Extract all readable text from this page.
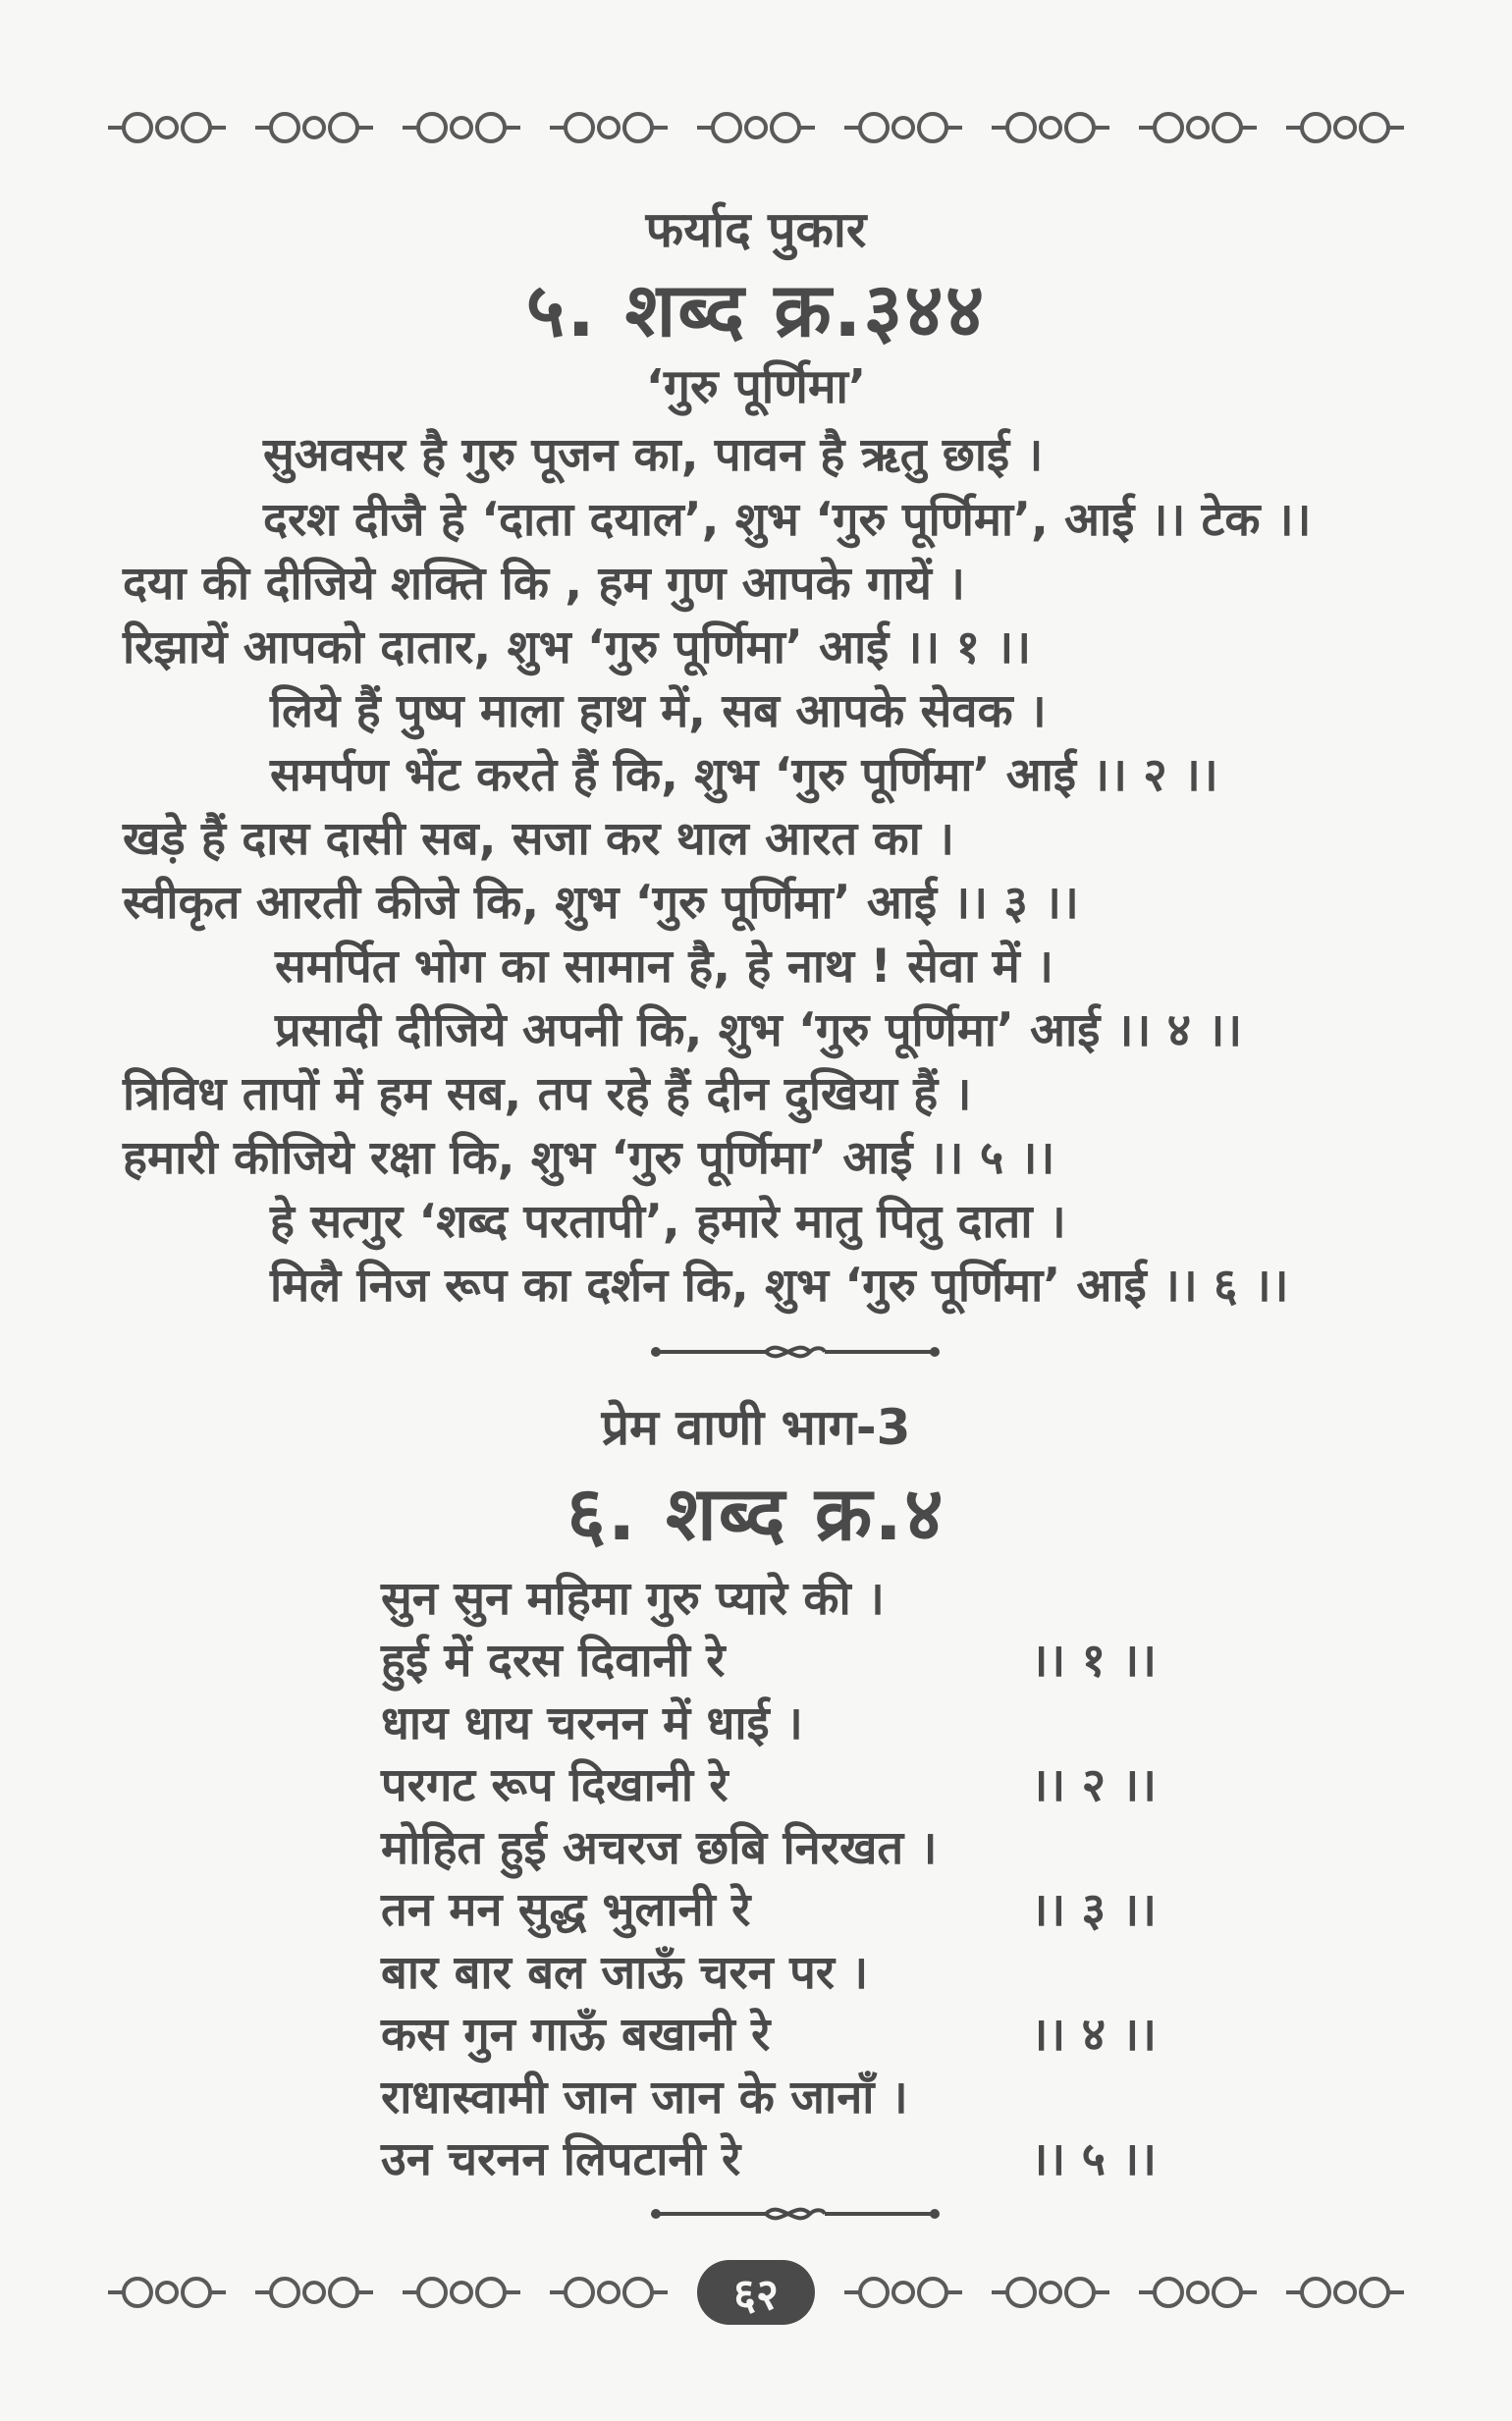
फर्याद पुकार
५. शब्द क्र.३४४
‘गुरु पूर्णिमा’
सुअवसर है गुरु पूजन का, पावन है ऋतु छाई ।
दरश दीजै हे ‘दाता दयाल’, शुभ ‘गुरु पूर्णिमा’, आई ।। टेक ।।
दया की दीजिये शक्ति कि , हम गुण आपके गायें ।
रिझायें आपको दातार, शुभ ‘गुरु पूर्णिमा’ आई ।। १ ।।
लिये हैं पुष्प माला हाथ में, सब आपके सेवक ।
समर्पण भेंट करते हैं कि, शुभ ‘गुरु पूर्णिमा’ आई ।। २ ।।
खड़े हैं दास दासी सब, सजा कर थाल आरत का ।
स्वीकृत आरती कीजे कि, शुभ ‘गुरु पूर्णिमा’ आई ।। ३ ।।
समर्पित भोग का सामान है, हे नाथ ! सेवा में ।
प्रसादी दीजिये अपनी कि, शुभ ‘गुरु पूर्णिमा’ आई ।। ४ ।।
त्रिविध तापों में हम सब, तप रहे हैं दीन दुखिया हैं ।
हमारी कीजिये रक्षा कि, शुभ ‘गुरु पूर्णिमा’ आई ।। ५ ।।
हे सत्गुर ‘शब्द परतापी’, हमारे मातु पितु दाता ।
मिलै निज रूप का दर्शन कि, शुभ ‘गुरु पूर्णिमा’ आई ।। ६ ।।
प्रेम वाणी भाग-3
६. शब्द क्र.४
सुन सुन महिमा गुरु प्यारे की ।
हुई में दरस दिवानी रे	।। १ ।।
धाय धाय चरनन में धाई ।
परगट रूप दिखानी रे	।। २ ।।
मोहित हुई अचरज छबि निरखत ।
तन मन सुद्ध भुलानी रे	।। ३ ।।
बार बार बल जाऊँ चरन पर ।
कस गुन गाऊँ बखानी रे	।। ४ ।।
राधास्वामी जान जान के जानाँ ।
उन चरनन लिपटानी रे	।। ५ ।।
६२
